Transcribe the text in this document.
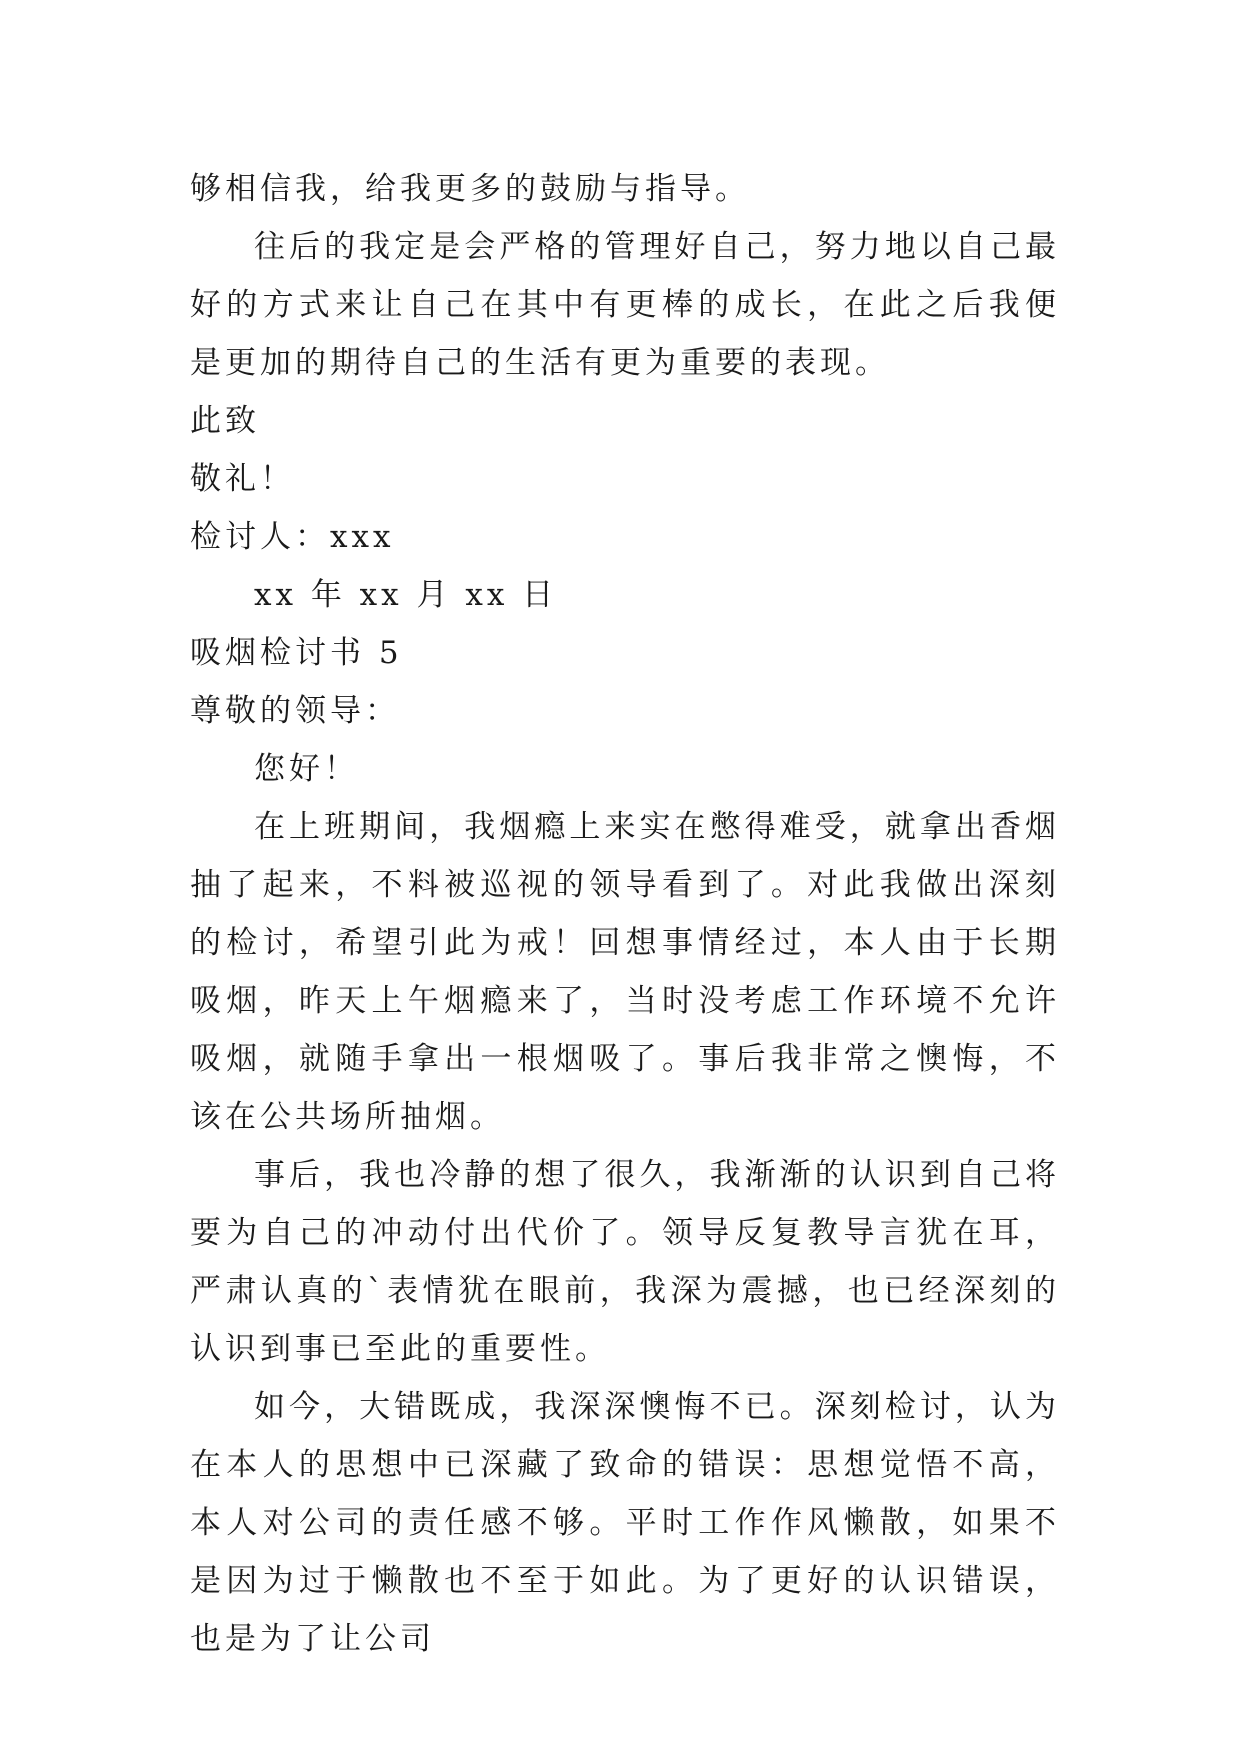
够相信我，给我更多的鼓励与指导。

往后的我定是会严格的管理好自己，努力地以自己最好的方式来让自己在其中有更棒的成长，在此之后我便是更加的期待自己的生活有更为重要的表现。

此致

敬礼！

检讨人：xxx

xx 年 xx 月 xx 日

吸烟检讨书 5

尊敬的领导：

您好！

在上班期间，我烟瘾上来实在憋得难受，就拿出香烟抽了起来，不料被巡视的领导看到了。对此我做出深刻的检讨，希望引此为戒！回想事情经过，本人由于长期吸烟，昨天上午烟瘾来了，当时没考虑工作环境不允许吸烟，就随手拿出一根烟吸了。事后我非常之懊悔，不该在公共场所抽烟。

事后，我也冷静的想了很久，我渐渐的认识到自己将要为自己的冲动付出代价了。领导反复教导言犹在耳，严肃认真的`表情犹在眼前，我深为震撼，也已经深刻的认识到事已至此的重要性。

如今，大错既成，我深深懊悔不已。深刻检讨，认为在本人的思想中已深藏了致命的错误：思想觉悟不高，本人对公司的责任感不够。平时工作作风懒散，如果不是因为过于懒散也不至于如此。为了更好的认识错误，也是为了让公司
